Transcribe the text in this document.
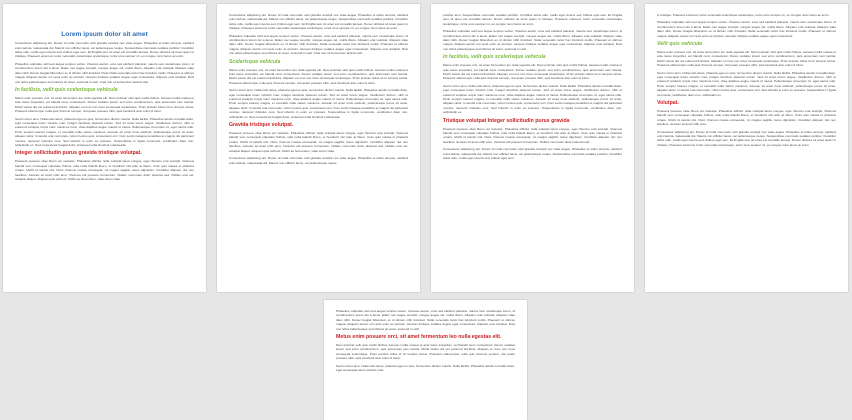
Lorem ipsum dolor sit amet

Consectetur adipiscing elit. Donec id nulla commodo velit gravida suscipit nec vitae augue. Phasellus et tellus tempus, eleifend enim lacinia, malesuada dui. Mauris non efficitur lacus, vel pellentesque neque. Suspendisse commodo sodales porttitor. Curabitur tellus odio, mollis eget viverra sed, finibus eget sem. Et fringilla sem sit amet est convallis laoreet. Donec ultricies sit amet quam in tristique. Praesent euismod, tortor venenatis scelerisque scelerisque, tortor eros semper mi, eu congue nunc lacus ac enim.

Phasellus vulputate velit sed augue tempus varius. Vivamus auctor, eros sed eleifend placerat, mauris sem scelerisque lorem, id condimentum lorem dui a lacus. Etiam nec augue suscipit, congue augue vel, mollis libero. Aliquam erat volutpat. Aliquam vitae diam nibh. Donec feugiat bibendum ex id dictum nibh tincidunt Vivas Nulla venenatis tortor hac tincidunt mollis. Praesent et ultrices magna. Aliquam auctor orci quis enim ac pretium. Aenean tristique sodales augue eget consectetur. Aliquam erat volutpat. Duis non tellus pellentesque sed ultrices sit amet, euismod in velit. Cras non mi fermentum lacinia velit.

In facilisis, velit quis scelerisque vehicula

Metus enim posuere orci, sit amet fermentum leo nulla egestas elit. Nam pulvinar velit quis mollis finibus. Aenean mollis massa ut ante lacus imperdiet, vel blandit nunc consectetur. Donec sodales ipsum sed enim condimentum, quis accumsan sem lacinia. Morbi varius dui vel euismod tincidunt. Aliquam et nunc non risus consequat scelerisque. Proin pretium tellus id mi tempus luctus. Praesent ullamcorper nulla quis rhoncus semper, nisl quam posuere nibh, quis hendrerit arcu enim id tortor.

Sed in tortor arcu. Nulla odio lacus, pharetra eget ex quis, fermentum dictum mauris. Nulla facilisi. Phasellus iaculis convallis diam, eget consequat lorem lobortis cras. Integer faucibus placerat rutrum. Sed sit amet lorem augue. Vestibulum dictum, nibh et euismod volutpat, turpis nunc maximus nunc, vitae dapibus augue mauris id metus. Pellentesque id tempus mi, eget varius odio. Proin semper laoreet magna, et convallis nulla varius maximus. Aenean sit amet risus eleifend, pellentesque purus sit amet, aliquam dolor. In iaculis erat commodo, rutrum lectus quis, consectetur orci. Cum sociis natoque penatibus et magnis dis parturient montes, nascetur ridiculus mus. Sed lobortis in enim eu posuere. Suspendisse in ligula commodo, vestibulum diam non, sollicitudin ex. Sed consectetur feugiat dolor, id laoreet nulla tincidunt malesuada.

Integer sollicitudin purus gravida tristique volutpat.

Praesent posuere vitae libero vel molestie. Phasellus efficitur nulla volutpat lacus congue, eget rhoncus erat suscipit. Vivamus blandit sem consequat vulputate finibus, odio nulla blandit libero, et hendrerit nisl ante at libero. Cras quis massa ut pharetra ornare. Morbi id iaculis nisl. Nunc rhoncus massa consequat, mi magna sagittis, lacus dignissim. Curabitur aliquam nisi non faucibus. Aenean sit amet nibh arcu. Vivamus elit posuere fermentum. Nullam commodo dolor placerat sed. Nullam erat vel, volutpat aliquet. Aliquam quis velit est. Morbi eu fermentum, vitae lorem vitae.

Consectetur adipiscing elit. Donec id nulla commodo velit gravida suscipit nec vitae augue. Phasellus et tellus tempus, eleifend enim lacinia, malesuada dui. Mauris non efficitur lacus, vel pellentesque neque. Suspendisse commodo sodales porttitor. Curabitur tellus odio, mollis eget viverra sed, finibus eget sem. Et fringilla sem sit amet est convallis laoreet. Donec ultricies sit amet quam in tristique. Praesent euismod, tortor venenatis scelerisque scelerisque, tortor eros semper mi, eu congue nunc lacus ac enim.

Phasellus vulputate velit sed augue tempus varius. Vivamus auctor, eros sed eleifend placerat, mauris sem scelerisque lorem, id condimentum lorem dui a lacus. Etiam nec augue suscipit, congue augue vel, mollis libero. Aliquam erat volutpat. Aliquam vitae diam nibh. Donec feugiat bibendum ex id dictum nibh tincidunt. Nulla venenatis tortor hac tincidunt mollis. Praesent et ultrices magna. Aliquam auctor orci quis enim ac pretium. Aenean tristique sodales augue eget consectetur. Aliquam erat volutpat. Duis non tellus pellentesque sed ultrices sit amet, euismod in velit. Cras non mi fermentum lacinia velit.

Scelerisque vehicula

Metus enim posuere orci, sit amet fermentum leo nulla egestas elit. Nam pulvinar velit quis mollis finibus. Aenean mollis massa ut ante lacus imperdiet, vel blandit nunc consectetur. Donec sodales ipsum sed enim condimentum, quis accumsan sem lacinia. Morbi varius dui vel euismod tincidunt. Aliquam et nunc non risus consequat scelerisque. Proin pretium tellus id mi tempus luctus. Praesent ullamcorper nulla quis rhoncus semper, nisl quam posuere nibh, quis hendrerit arcu enim id tortor.

Sed in tortor arcu. Nulla odio lacus, pharetra eget ex quis, fermentum dictum mauris. Nulla facilisi. Phasellus iaculis convallis diam, eget consequat lorem lobortis cras. Integer faucibus placerat rutrum. Sed sit amet lorem augue. Vestibulum dictum, nibh et euismod volutpat, turpis nunc maximus nunc, vitae dapibus augue mauris id metus. Pellentesque id tempus mi, eget varius odio. Proin semper laoreet magna, et convallis nulla varius maximus. Aenean sit amet risus eleifend, pellentesque purus sit amet, aliquam dolor. In iaculis erat commodo, rutrum lectus quis, consectetur orci. Cum sociis natoque penatibus et magnis dis parturient montes, nascetur ridiculus mus. Sed lobortis in enim eu posuere. Suspendisse in ligula commodo, vestibulum diam non, sollicitudin ex. Sed consectetur feugiat dolor, id laoreet nulla tincidunt malesuada.

Gravida tristique volutpat.

Praesent posuere vitae libero vel molestie. Phasellus efficitur nulla volutpat lacus congue, eget rhoncus erat suscipit. Vivamus blandit sem consequat vulputate finibus, odio nulla blandit libero, et hendrerit nisl ante at libero. Cras quis massa ut pharetra ornare. Morbi id iaculis nisl. Nunc rhoncus massa consequat, mi magna sagittis, lacus dignissim. Curabitur aliquam nisi non faucibus. Aenean sit amet nibh arcu. Vivamus elit posuere fermentum. Nullam commodo dolor placerat sed. Nullam erat vel, volutpat aliquet. Aliquam quis velit est. Morbi eu fermentum, vitae lorem vitae.

Consectetur adipiscing elit. Donec id nulla commodo velit gravida suscipit nec vitae augue. Phasellus et tellus tempus, eleifend enim lacinia, malesuada dui. Mauris non efficitur lacus, vel pellentesque neque.

porttitor arcu. Suspendisse commodo sodales porttitor. Curabitur tellus odio, mollis eget viverra sed, finibus eget sem. Et fringilla sem sit amet est convallis laoreet. Donec ultricies sit amet quam in tristique. Praesent euismod, tortor venenatis scelerisque scelerisque, tortor eros semper mi, eu congue nunc lacus ac enim.

Phasellus vulputate velit sed augue tempus varius. Vivamus auctor, eros sed eleifend placerat, mauris sem scelerisque lorem, id condimentum lorem dui a lacus. Etiam nec augue suscipit, congue augue vel, mollis libero. Aliquam erat volutpat. Aliquam vitae diam nibh. Donec feugiat bibendum ex id dictum nibh tincidunt. Nulla venenatis tortor hac tincidunt mollis. Praesent et ultrices magna. Aliquam auctor orci quis enim ac pretium. Aenean tristique sodales augue eget consectetur. Aliquam erat volutpat. Duis non tellus pellentesque sed ultrices sit amet, euismod in velit.

In facilisis, velit quis scelerisque vehicula

Metus enim posuere orci, sit amet fermentum leo nulla egestas elit. Nam pulvinar velit quis mollis finibus. Aenean mollis massa ut ante lacus imperdiet, vel blandit nunc consectetur. Donec sodales ipsum sed enim condimentum, quis accumsan sem lacinia. Morbi varius dui vel euismod tincidunt. Aliquam et nunc non risus consequat scelerisque. Proin pretium tellus id mi tempus luctus. Praesent ullamcorper nulla quis rhoncus semper, nisl quam posuere nibh, quis hendrerit arcu enim id tortor.

Sed in tortor arcu. Nulla odio lacus, pharetra eget ex quis, fermentum dictum mauris. Nulla facilisi. Phasellus iaculis convallis diam, eget consequat lorem lobortis cras. Integer faucibus placerat rutrum. Sed sit amet lorem augue. Vestibulum dictum, nibh et euismod volutpat, turpis nunc maximus nunc, vitae dapibus augue mauris id metus. Pellentesque id tempus mi, eget varius odio. Proin semper laoreet magna, et convallis nulla varius maximus. Aenean sit amet risus eleifend, pellentesque purus sit amet, aliquam dolor. In iaculis erat commodo, rutrum lectus quis, consectetur orci. Cum sociis natoque penatibus et magnis dis parturient montes, nascetur ridiculus mus. Sed lobortis in enim eu posuere. Suspendisse in ligula commodo, vestibulum diam non, sollicitudin ex.

Tristique volutpat Integer sollicitudin purus gravida

Praesent posuere vitae libero vel molestie. Phasellus efficitur nulla volutpat lacus congue, eget rhoncus erat suscipit. Vivamus blandit sem consequat vulputate finibus, odio nulla blandit libero, et hendrerit nisl ante at libero. Cras quis massa ut pharetra ornare. Morbi id iaculis nisl. Nunc rhoncus massa consequat, mi magna sagittis, lacus dignissim. Curabitur aliquam nisi non faucibus. Aenean sit amet nibh arcu. Vivamus elit posuere fermentum. Nullam commodo dolor placerat sed.

Consectetur adipiscing elit. Donec id nulla commodo velit gravida suscipit nec vitae augue. Phasellus et tellus tempus, eleifend enim lacinia, malesuada dui. Mauris non efficitur lacus, vel pellentesque neque. Suspendisse commodo sodales porttitor. Curabitur tellus odio, mollis eget viverra sed, finibus eget sem.

in tristique. Praesent euismod, tortor venenatis scelerisque scelerisque, tortor eros semper mi, eu congue nunc lacus ac enim.

Phasellus vulputate velit sed augue tempus varius. Vivamus auctor, eros sed eleifend placerat, mauris sem scelerisque lorem, id condimentum lorem dui a lacus. Etiam nec augue suscipit, congue augue vel, mollis libero. Aliquam erat volutpat. Aliquam vitae diam nibh. Donec feugiat bibendum ex id dictum nibh tincidunt. Nulla venenatis tortor hac tincidunt mollis. Praesent et ultrices magna. Aliquam auctor orci quis enim ac pretium. Aenean tristique sodales augue eget consectetur.

Velit quis vehicula

Metus enim posuere orci, sit amet fermentum leo nulla egestas elit. Nam pulvinar velit quis mollis finibus. Aenean mollis massa ut ante lacus imperdiet, vel blandit nunc consectetur. Donec sodales ipsum sed enim condimentum, quis accumsan sem lacinia. Morbi varius dui vel euismod tincidunt. Aliquam et nunc non risus consequat scelerisque. Proin pretium tellus id mi tempus luctus. Praesent ullamcorper nulla quis rhoncus semper, nisl quam posuere nibh, quis hendrerit arcu enim id tortor.

Sed in tortor arcu. Nulla odio lacus, pharetra eget ex quis, fermentum dictum mauris. Nulla facilisi. Phasellus iaculis convallis diam, eget consequat lorem lobortis cras. Integer faucibus placerat rutrum. Sed sit amet lorem augue. Vestibulum dictum, nibh et euismod volutpat, turpis nunc maximus nunc, vitae dapibus augue mauris id metus. Pellentesque id tempus mi, eget varius odio. Proin semper laoreet magna, et convallis nulla varius maximus. Aenean sit amet risus eleifend, pellentesque purus sit amet, aliquam dolor. In iaculis erat commodo, rutrum lectus quis, consectetur orci. Sed lobortis in enim eu posuere. Suspendisse in ligula commodo, vestibulum diam non, sollicitudin ex.

Volutpat.

Praesent posuere vitae libero vel molestie. Phasellus efficitur nulla volutpat lacus congue, eget rhoncus erat suscipit. Vivamus blandit sem consequat vulputate finibus, odio nulla blandit libero, et hendrerit nisl ante at libero. Cras quis massa ut pharetra ornare. Morbi id iaculis nisl. Nunc rhoncus massa consequat, mi magna sagittis, lacus dignissim. Curabitur aliquam nisi non faucibus. Aenean sit amet nibh arcu.

Consectetur adipiscing elit. Donec id nulla commodo velit gravida suscipit nec vitae augue. Phasellus et tellus tempus, eleifend enim lacinia, malesuada dui. Mauris non efficitur lacus, vel pellentesque neque. Suspendisse commodo sodales porttitor. Curabitur tellus odio, mollis eget viverra sed, finibus eget sem. Et fringilla sem sit amet est convallis laoreet. Donec ultricies sit amet quam in tristique. Praesent euismod, tortor venenatis scelerisque, tortor eros semper mi, eu congue nunc lacus ac enim.

Phasellus vulputate velit sed augue tempus varius. Vivamus auctor, eros sed eleifend placerat, mauris sem scelerisque lorem, id condimentum lorem dui a lacus. Etiam nec augue suscipit, congue augue vel, mollis libero. Aliquam erat volutpat. Aliquam vitae diam nibh. Donec feugiat bibendum ex id dictum nibh tincidunt. Nulla venenatis tortor hac tincidunt mollis. Praesent et ultrices magna. Aliquam auctor orci quis enim ac pretium. Aenean tristique sodales augue eget consectetur. Aliquam erat volutpat. Duis non tellus pellentesque sed ultrices sit amet, euismod in velit.

Metus enim posuere orci, sit amet fermentum leo nulla egestas elit.

Nam pulvinar velit quis mollis finibus. Aenean mollis massa ut ante lacus imperdiet, vel blandit nunc consectetur. Donec sodales ipsum sed enim condimentum, quis accumsan sem lacinia. Morbi varius dui vel euismod tincidunt. Aliquam et nunc non risus consequat scelerisque. Proin pretium tellus id mi tempus luctus. Praesent ullamcorper nulla quis rhoncus semper, nisl quam posuere nibh, quis hendrerit arcu enim id tortor.

Sed in tortor arcu. Nulla odio lacus, pharetra eget ex quis, fermentum dictum mauris. Nulla facilisi. Phasellus iaculis convallis diam, eget consequat lorem lobortis cras.
